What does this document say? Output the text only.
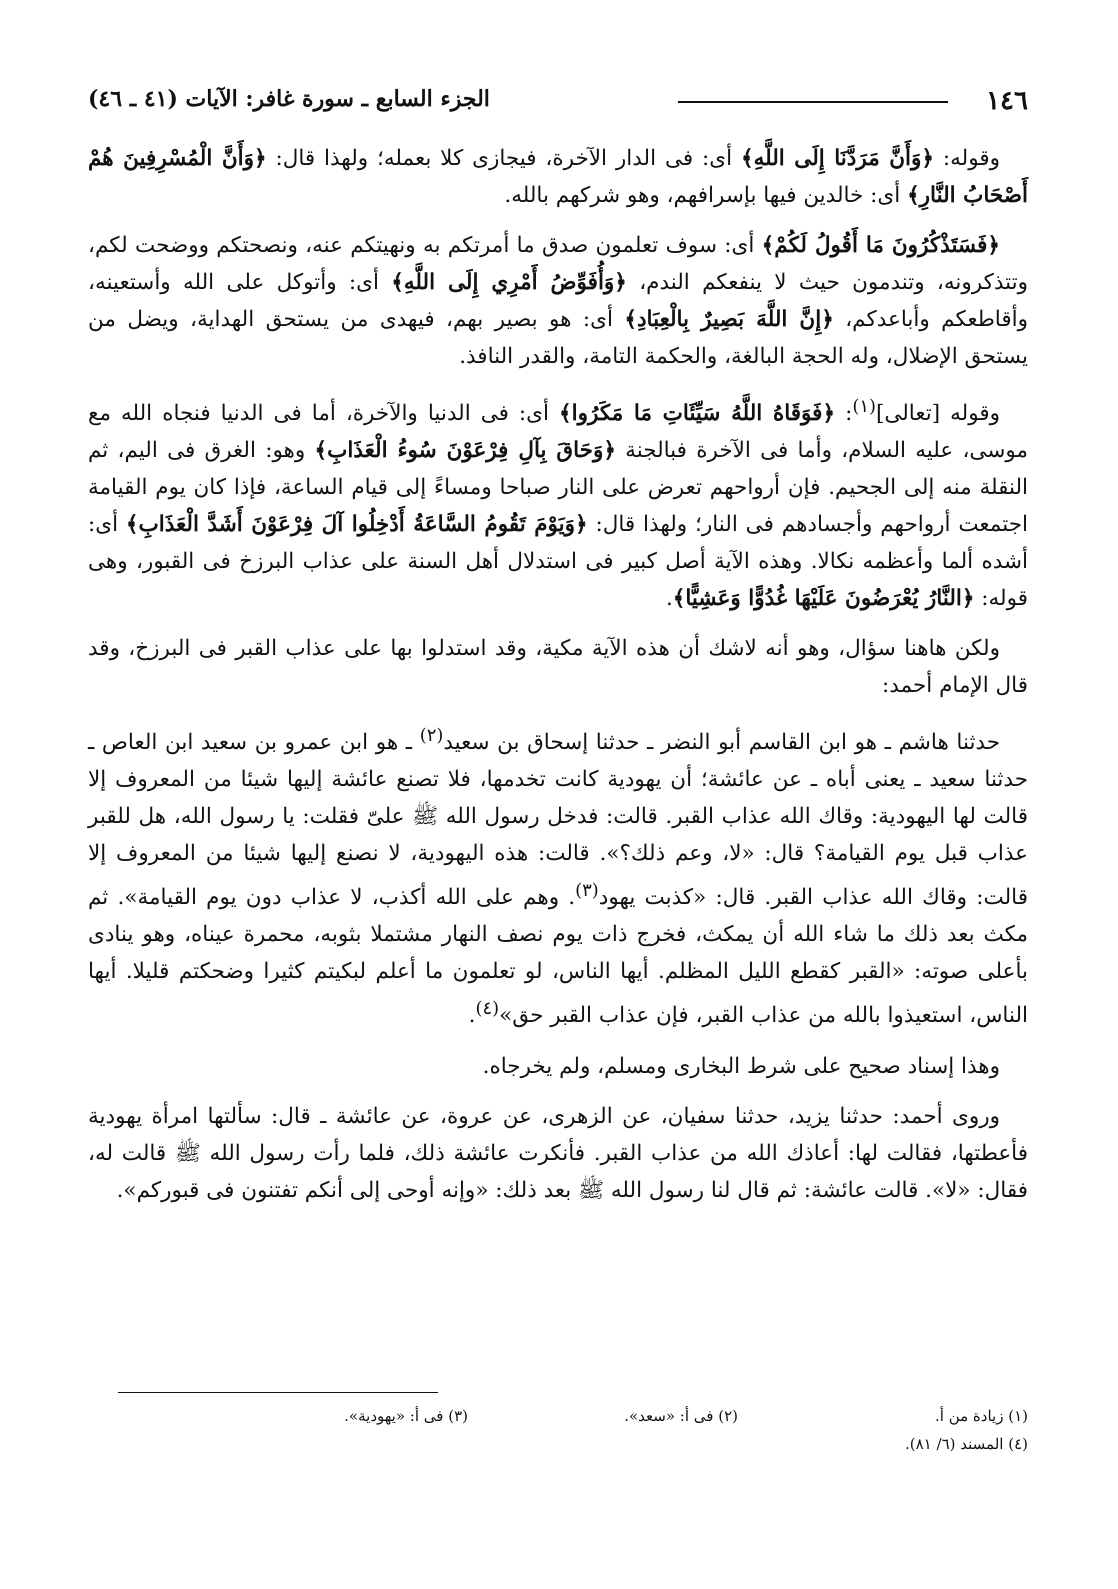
١٤٦
الجزء السابع ـ سورة غافر: الآيات (٤١ ـ ٤٦)

وقوله: ﴿وَأَنَّ مَرَدَّنَا إِلَى اللَّهِ﴾ أى: فى الدار الآخرة، فيجازى كلا بعمله؛ ولهذا قال: ﴿وَأَنَّ الْمُسْرِفِينَ هُمْ أَصْحَابُ النَّارِ﴾ أى: خالدين فيها بإسرافهم، وهو شركهم بالله.

﴿فَسَتَذْكُرُونَ مَا أَقُولُ لَكُمْ﴾ أى: سوف تعلمون صدق ما أمرتكم به ونهيتكم عنه، ونصحتكم ووضحت لكم، وتتذكرونه، وتندمون حيث لا ينفعكم الندم، ﴿وَأُفَوِّضُ أَمْرِي إِلَى اللَّهِ﴾ أى: وأتوكل على الله وأستعينه، وأقاطعكم وأباعدكم، ﴿إِنَّ اللَّهَ بَصِيرٌ بِالْعِبَادِ﴾ أى: هو بصير بهم، فيهدى من يستحق الهداية، ويضل من يستحق الإضلال، وله الحجة البالغة، والحكمة التامة، والقدر النافذ.

وقوله [تعالى]$^{(١)}$: ﴿فَوَقَاهُ اللَّهُ سَيِّئَاتِ مَا مَكَرُوا﴾ أى: فى الدنيا والآخرة، أما فى الدنيا فنجاه الله مع موسى، عليه السلام، وأما فى الآخرة فبالجنة ﴿وَحَاقَ بِآلِ فِرْعَوْنَ سُوءُ الْعَذَابِ﴾ وهو: الغرق فى اليم، ثم النقلة منه إلى الجحيم. فإن أرواحهم تعرض على النار صباحا ومساءً إلى قيام الساعة، فإذا كان يوم القيامة اجتمعت أرواحهم وأجسادهم فى النار؛ ولهذا قال: ﴿وَيَوْمَ تَقُومُ السَّاعَةُ أَدْخِلُوا آلَ فِرْعَوْنَ أَشَدَّ الْعَذَابِ﴾ أى: أشده ألما وأعظمه نكالا. وهذه الآية أصل كبير فى استدلال أهل السنة على عذاب البرزخ فى القبور، وهى قوله: ﴿النَّارُ يُعْرَضُونَ عَلَيْهَا غُدُوًّا وَعَشِيًّا﴾.

ولكن هاهنا سؤال، وهو أنه لاشك أن هذه الآية مكية، وقد استدلوا بها على عذاب القبر فى البرزخ، وقد قال الإمام أحمد:

حدثنا هاشم ـ هو ابن القاسم أبو النضر ـ حدثنا إسحاق بن سعيد$^{(٢)}$ ـ هو ابن عمرو بن سعيد ابن العاص ـ حدثنا سعيد ـ يعنى أباه ـ عن عائشة؛ أن يهودية كانت تخدمها، فلا تصنع عائشة إليها شيئا من المعروف إلا قالت لها اليهودية: وقاك الله عذاب القبر. قالت: فدخل رسول الله ﷺ علىّ فقلت: يا رسول الله، هل للقبر عذاب قبل يوم القيامة؟ قال: «لا، وعم ذلك؟». قالت: هذه اليهودية، لا نصنع إليها شيئا من المعروف إلا قالت: وقاك الله عذاب القبر. قال: «كذبت يهود$^{(٣)}$. وهم على الله أكذب، لا عذاب دون يوم القيامة». ثم مكث بعد ذلك ما شاء الله أن يمكث، فخرج ذات يوم نصف النهار مشتملا بثوبه، محمرة عيناه، وهو ينادى بأعلى صوته: «القبر كقطع الليل المظلم. أيها الناس، لو تعلمون ما أعلم لبكيتم كثيرا وضحكتم قليلا. أيها الناس، استعيذوا بالله من عذاب القبر، فإن عذاب القبر حق»$^{(٤)}$.

وهذا إسناد صحيح على شرط البخارى ومسلم، ولم يخرجاه.

وروى أحمد: حدثنا يزيد، حدثنا سفيان، عن الزهرى، عن عروة، عن عائشة ـ قال: سألتها امرأة يهودية فأعطتها، فقالت لها: أعاذك الله من عذاب القبر. فأنكرت عائشة ذلك، فلما رأت رسول الله ﷺ قالت له، فقال: «لا». قالت عائشة: ثم قال لنا رسول الله ﷺ بعد ذلك: «وإنه أوحى إلى أنكم تفتنون فى قبوركم».

(١) زيادة من أ.
(٢) فى أ: «سعد».
(٣) فى أ: «يهودية».
(٤) المسند (٦/ ٨١).
